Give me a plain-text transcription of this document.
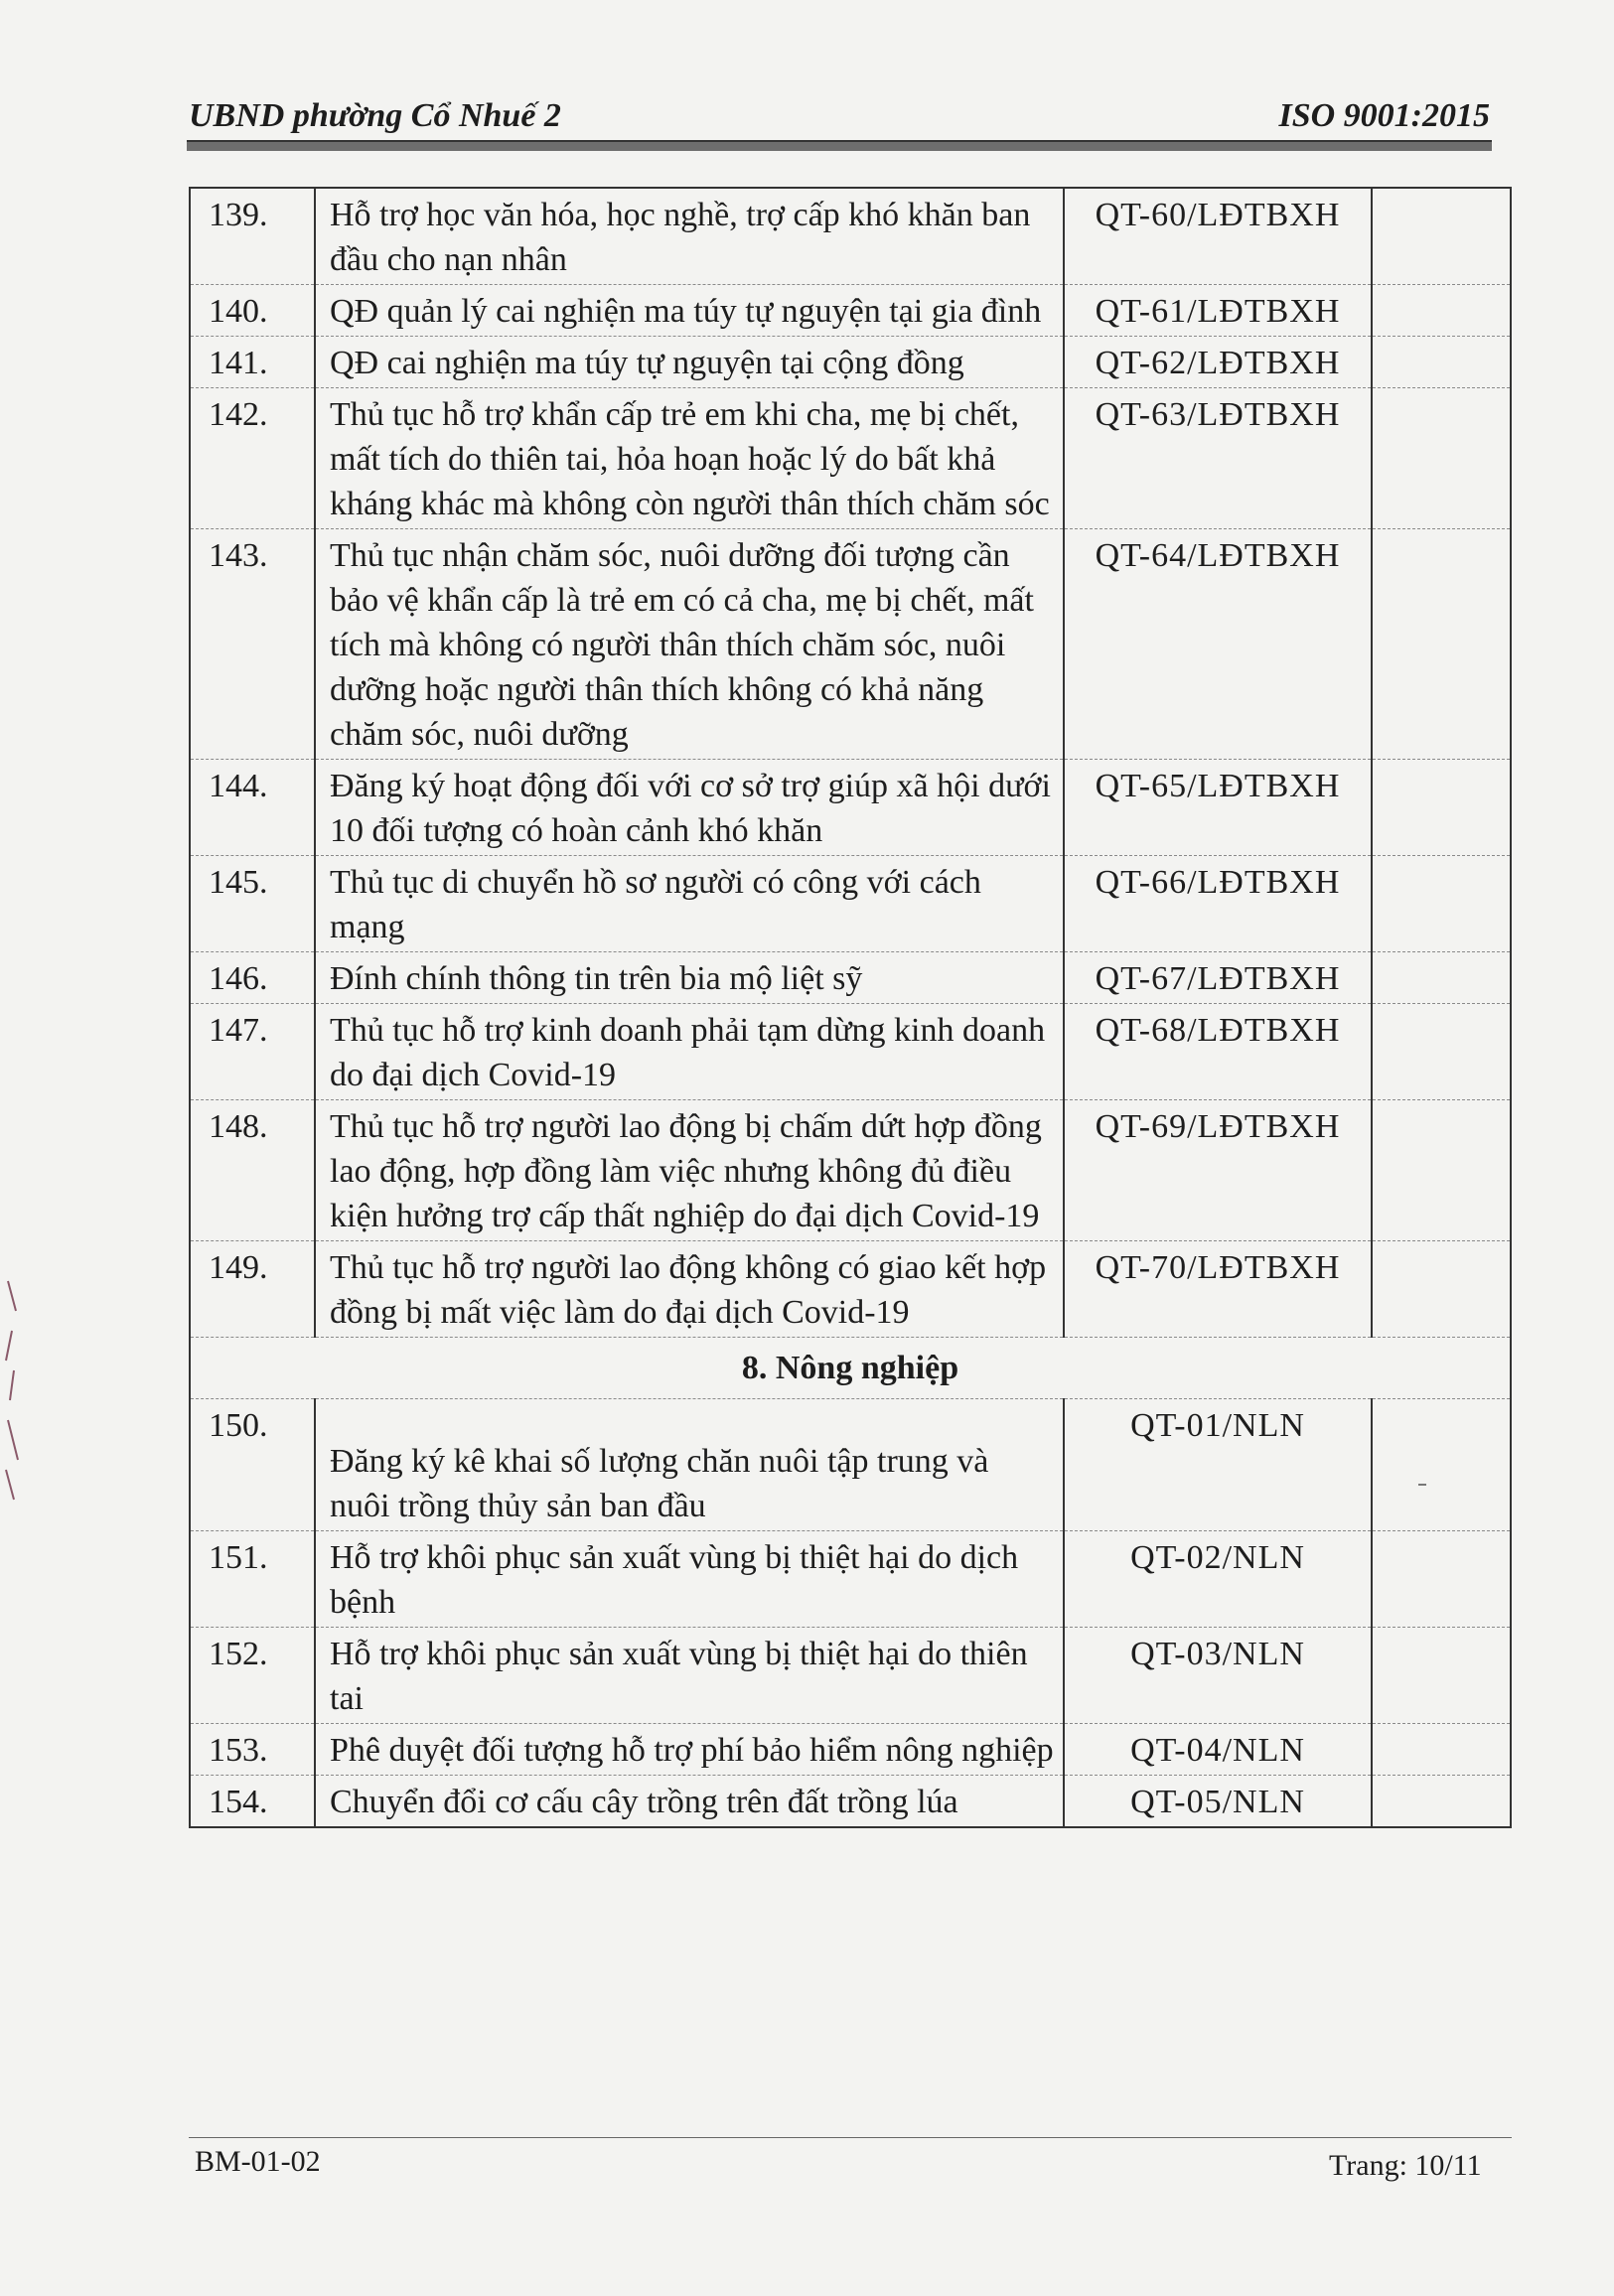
UBND phường Cổ Nhuế 2	ISO 9001:2015
139.	Hỗ trợ học văn hóa, học nghề, trợ cấp khó khăn ban đầu cho nạn nhân	QT-60/LĐTBXH	
140.	QĐ quản lý cai nghiện ma túy tự nguyện tại gia đình	QT-61/LĐTBXH	
141.	QĐ cai nghiện ma túy tự nguyện tại cộng đồng	QT-62/LĐTBXH	
142.	Thủ tục hỗ trợ khẩn cấp trẻ em khi cha, mẹ bị chết, mất tích do thiên tai, hỏa hoạn hoặc lý do bất khả kháng khác mà không còn người thân thích chăm sóc	QT-63/LĐTBXH	
143.	Thủ tục nhận chăm sóc, nuôi dưỡng đối tượng cần bảo vệ khẩn cấp là trẻ em có cả cha, mẹ bị chết, mất tích mà không có người thân thích chăm sóc, nuôi dưỡng hoặc người thân thích không có khả năng chăm sóc, nuôi dưỡng	QT-64/LĐTBXH	
144.	Đăng ký hoạt động đối với cơ sở trợ giúp xã hội dưới 10 đối tượng có hoàn cảnh khó khăn	QT-65/LĐTBXH	
145.	Thủ tục di chuyển hồ sơ người có công với cách mạng	QT-66/LĐTBXH	
146.	Đính chính thông tin trên bia mộ liệt sỹ	QT-67/LĐTBXH	
147.	Thủ tục hỗ trợ kinh doanh phải tạm dừng kinh doanh do đại dịch Covid-19	QT-68/LĐTBXH	
148.	Thủ tục hỗ trợ người lao động bị chấm dứt hợp đồng lao động, hợp đồng làm việc nhưng không đủ điều kiện hưởng trợ cấp thất nghiệp do đại dịch Covid-19	QT-69/LĐTBXH	
149.	Thủ tục hỗ trợ người lao động không có giao kết hợp đồng bị mất việc làm do đại dịch Covid-19	QT-70/LĐTBXH	
8. Nông nghiệp			
150.	Đăng ký kê khai số lượng chăn nuôi tập trung và nuôi trồng thủy sản ban đầu	QT-01/NLN	
151.	Hỗ trợ khôi phục sản xuất vùng bị thiệt hại do dịch bệnh	QT-02/NLN	
152.	Hỗ trợ khôi phục sản xuất vùng bị thiệt hại do thiên tai	QT-03/NLN	
153.	Phê duyệt đối tượng hỗ trợ phí bảo hiểm nông nghiệp	QT-04/NLN	
154.	Chuyển đổi cơ cấu cây trồng trên đất trồng lúa	QT-05/NLN	
BM-01-02	Trang: 10/11
